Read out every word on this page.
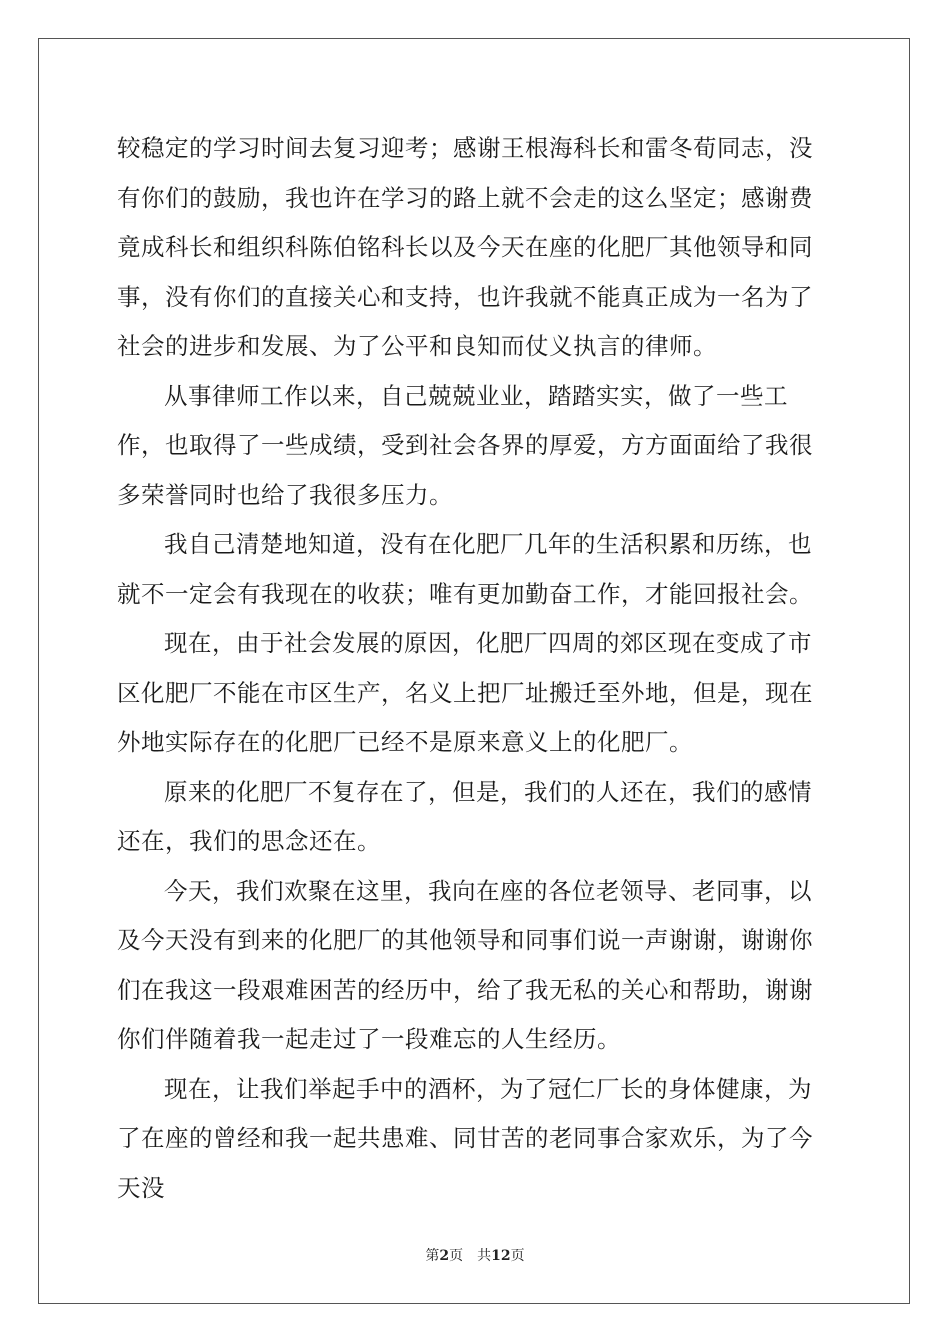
较稳定的学习时间去复习迎考；感谢王根海科长和雷冬荀同志，没有你们的鼓励，我也许在学习的路上就不会走的这么坚定；感谢费竟成科长和组织科陈伯铭科长以及今天在座的化肥厂其他领导和同事，没有你们的直接关心和支持，也许我就不能真正成为一名为了社会的进步和发展、为了公平和良知而仗义执言的律师。

从事律师工作以来，自己兢兢业业，踏踏实实，做了一些工作，也取得了一些成绩，受到社会各界的厚爱，方方面面给了我很多荣誉同时也给了我很多压力。

我自己清楚地知道，没有在化肥厂几年的生活积累和历练，也就不一定会有我现在的收获；唯有更加勤奋工作，才能回报社会。

现在，由于社会发展的原因，化肥厂四周的郊区现在变成了市区化肥厂不能在市区生产，名义上把厂址搬迁至外地，但是，现在外地实际存在的化肥厂已经不是原来意义上的化肥厂。

原来的化肥厂不复存在了，但是，我们的人还在，我们的感情还在，我们的思念还在。

今天，我们欢聚在这里，我向在座的各位老领导、老同事，以及今天没有到来的化肥厂的其他领导和同事们说一声谢谢，谢谢你们在我这一段艰难困苦的经历中，给了我无私的关心和帮助，谢谢你们伴随着我一起走过了一段难忘的人生经历。

现在，让我们举起手中的酒杯，为了冠仁厂长的身体健康，为了在座的曾经和我一起共患难、同甘苦的老同事合家欢乐，为了今天没

第2页 共12页
